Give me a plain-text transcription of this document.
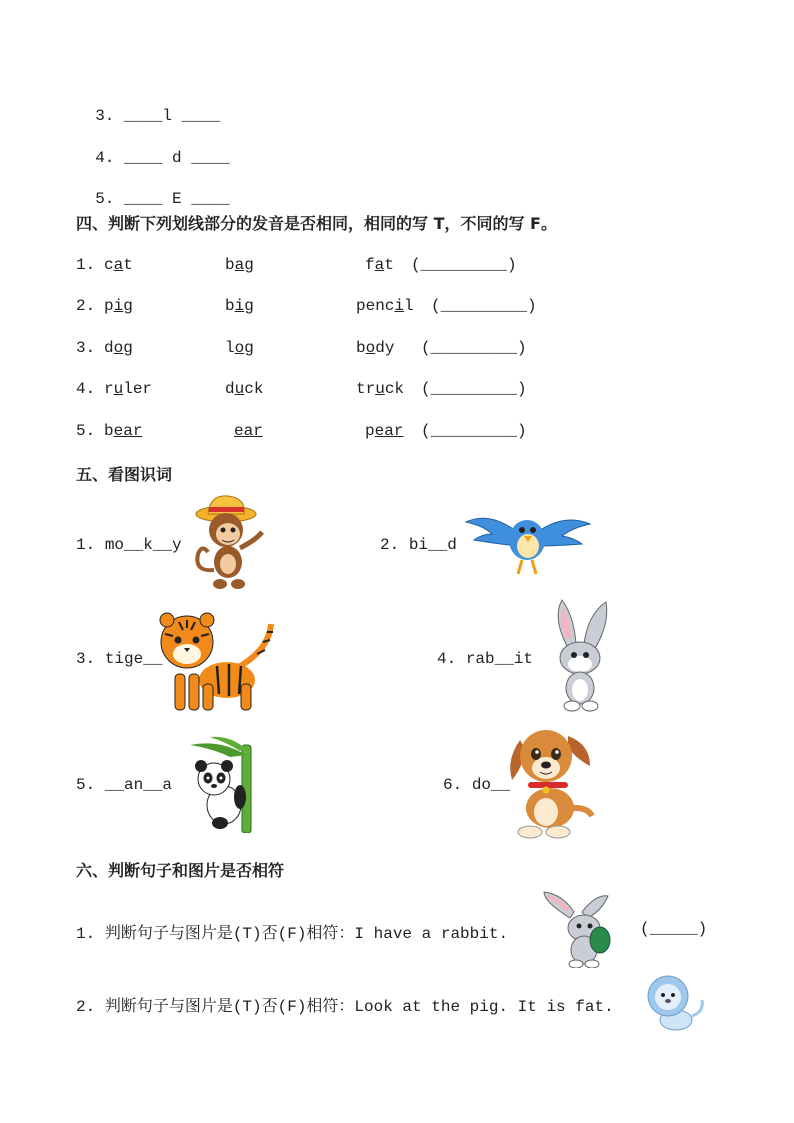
3. ____l ____

4. ____ d ____

5. ____ E ____

四、判断下列划线部分的发音是否相同，相同的写 T，不同的写 F。
1. cat	bag	fat (_________)
2. pig	big	pencil (_________)
3. dog	log	body (_________)
4. ruler	duck	truck (_________)
5. bear	ear	pear (_________)
五、看图识词
1. mo__k__y	2. bi__d
3. tige__	4. rab__it
5. __an__a	6. do__
六、判断句子和图片是否相符
1. 判断句子与图片是(T)否(F)相符：I have a rabbit.	(_____)
2. 判断句子与图片是(T)否(F)相符：Look at the pig. It is fat.
